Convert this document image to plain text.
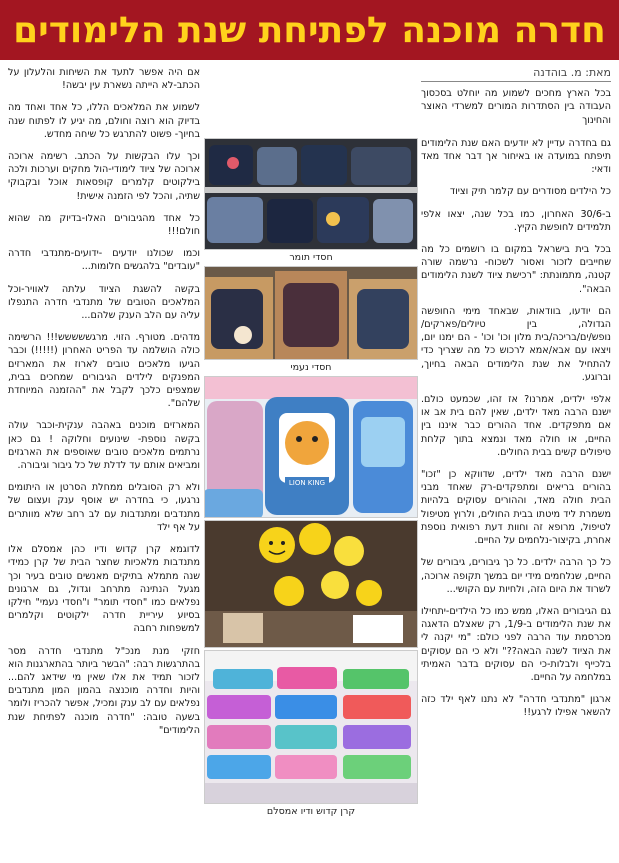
חדרה מוכנה לפתיחת שנת הלימודים
מאת: מ. בוהדנה

בכל הארץ מחכים לשמוע מה יוחלט בסכסוך העבודה בין הסתדרות המורים למשרדי האוצר והחינוך

גם בחדרה עדיין לא יודעים האם שנת הלימודים תיפתח במועדה או באיחור אך דבר אחד מאד ודאי:

כל הילדים מסודרים עם קלמר תיק וציוד

ב-30/6 האחרון, כמו בכל שנה, יצאו אלפי תלמידים לחופשת הקיץ.

בכל בית בישראל במקום בו רושמים כל מה שחייבים לזכור ואסור לשכוח- נרשמה שורה קטנה, מתמונתת: "רכישת ציוד לשנת הלימודים הבאה".

הם יודעו, בוודאות, שבאחד מימי החופשה הגדולה, בין טיולים/פארקים/ נופש/ים/בריכה/בית מלון וכו' וכו' - הם ימנו יום, ויצאו עם אבא/אמא לרכוש כל מה שצריך כדי להתחיל את שנת הלימודים הבאה בחיוך, וברוגע.

אלפי ילדים, אמרנו? אז זהו, שכמעט כולם. ישנם הרבה מאד ילדים, שאין להם בית אב או אם מתפקדים. אחד ההורים כבר איננו בין החיים, או חולה מאד ונמצא בתוך קלחת טיפולים קשים בבית החולים.

ישנם הרבה מאד ילדים, שדווקא כן "זכו" בהורים בריאים ומתפקדים-רק שאחד מבני הבית חולה מאד, וההורים עסוקים בלהיות משמרת ליד מיטתו בבית החולים, ולרוץ מטיפול לטיפול, מרופא זה וחוות דעת רפואית נוספת אחרת, בקיצור-נלחמים על החיים.

כל כך הרבה ילדים. כל כך גיבורים, גיבורים של החיים, שנלחמים מידי יום במשך תקופה ארוכה, לשרוד את היום הזה, ולחיות עם הקושי...

גם הגיבורים האלו, ממש כמו כל הילדים-יתחילו את שנת הלימודים ב-1/9, רק שאצלם הדאגה מכרסמת עוד הרבה לפני כולם: "מי יקנה לי את הציוד לשנה הבאה??" ולא כי הם עסוקים בלכייף ולבלות-כי הם עסוקים בדבר האמיתי במלחמה על החיים.

ארגון "מתנדבי חדרה" לא נתנו לאף ילד כזה להשאר אפילו לרגע!!

אם היה אפשר לתעד את השיחות והלעלון על הכתב-לא הייתה נשארת עין יבשה!

לשמוע את המלאכים הללו, כל אחד ואחד מה בדיוק הוא רוצה וחולם, מה יגיע לו לפתוח שנה בחיוך- פשוט להתרגש כל שיחה מחדש.

וכך עלו הבקשות על הכתב. רשימה ארוכה ארוכה של ציוד לימודי-הול מחקים וערכות ולכה בילקוטים קלמרים קופסאות אוכל ובקבוקי שתיה, והכל לפי הזמנה אישית!

כל אחד מהגיבורים האלו-בדיוק מה שהוא חולם!!!

וכמו שכולנו יודעים -ידועים-מתנדבי חדרה "עובדים" בלהגשים חלומות...

בקשה להשגת הציוד עלתה לאוויר-וכל המלאכים הטובים של מתנדבי חדרה התנפלו עליה עם הלב הענק שלהם...

מדהים. מטורף. הזוי. מרגששששש!!! הרשימה כולה הושלמה עד הפריט האחרון (!!!!!) וכבר הגיעו מלאכים טובים לארוז את המארזים המפנקים לילדים הגיבורים שמחכים בבית, שמצפים כלכך לקבל את "ההזמנה המיוחדת שלהם".

המארזים מוכנים באהבה ענקית-וכבר עולה בקשה נוספת- שינועים וחלוקה ! גם כאן נרתמים מלאכים טובים שאוספים את הארגזים ומביאים אותם עד לדלת של כל גיבור וגיבורה.

ולא רק הסובלים ממחלת הסרטן או היתומים נרגעו, כי בחדרה יש אוסף ענק ועצום של מתנדבים ומתנדבות עם לב רחב שלא מוותרים על אף ילד

לדוגמא קרן קדוש ודיו כהן אמסלם אלו מתנדבות מלאכיות שחצר הבית של קרן כמידי שנה מתמלא בתיקים מאנשים טובים בעיר וכך מגעל הנתינה מתרחב וגדול, גם ארגונים נפלאים כמו "חסדי תומר" ו"חסדי נעמי" חילקו בסיוע עיריית חדרה ילקוטים וקלמרים למשפחות רחבה

חזקי מנת מנכ"ל מתנדבי חדרה מסר בהתרגשות רבה: "הבשר ביותר בהתארגנות הוא לזכור תמיד את אלו שאין מי שידאג להם... והיות וחדרה מוכנצה בהמון המון מתנדבים נפלאים עם לב ענק ומכיל, אפשר להכריז ולומר בשעה טובה: "חדרה מוכנה לפתיחת שנת הלימודים"

חסדי תומר
חסדי נעמי
LION KING
קרן קדוש ודיו אמסלם
